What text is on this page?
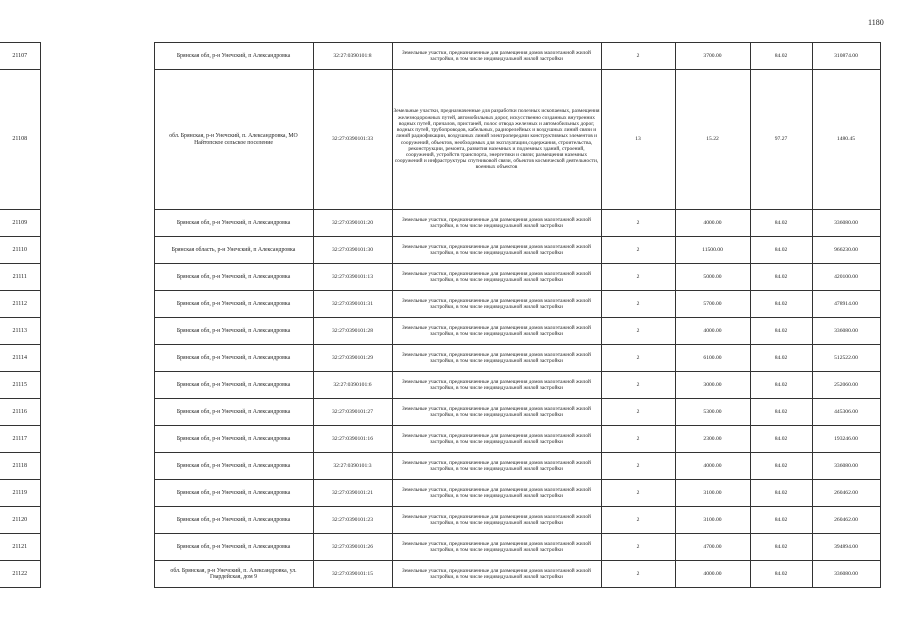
1180
21107		Брянская обл, р-н Унечский, п Александровка	32:27:0390101:8	Земельные участки, предназначенные для размещения домов малоэтажной жилой застройки, в том числе индивидуальной жилой застройки	2	3700.00	84.02	310874.00
21108		обл. Брянская, р-н Унечский, п. Александровка, МО Найтопское сельское поселение	32:27:0390101:33	Земельные участки, предназначенные для разработки полезных ископаемых, размещения железнодорожных путей, автомобильных дорог, искусственно созданных внутренних водных путей, причалов, пристаней, полос отвода железных и автомобильных дорог, водных путей, трубопроводов, кабельных, радиорелейных и воздушных линий связи и линий радиофикации, воздушных линий электропередачи конструктивных элементов и сооружений, объектов, необходимых для эксплуатации,содержания, строительства, реконструкции, ремонта, развития наземных и подземных зданий, строений, сооружений, устройств транспорта, энергетики и связи; размещения наземных сооружений и инфраструктуры спутниковой связи, объектов космической деятельности, военных объектов	13	15.22	97.27	1480.45
21109		Брянская обл, р-н Унечский, п Александровка	32:27:0390101:20	Земельные участки, предназначенные для размещения домов малоэтажной жилой застройки, в том числе индивидуальной жилой застройки	2	4000.00	84.02	336080.00
21110		Брянская область, р-н Унечский, п Александровка	32:27:0390101:30	Земельные участки, предназначенные для размещения домов малоэтажной жилой застройки, в том числе индивидуальной жилой застройки	2	11500.00	84.02	966230.00
21111		Брянская обл, р-н Унечский, п Александровка	32:27:0390101:13	Земельные участки, предназначенные для размещения домов малоэтажной жилой застройки, в том числе индивидуальной жилой застройки	2	5000.00	84.02	420100.00
21112		Брянская обл, р-н Унечский, п Александровка	32:27:0390101:31	Земельные участки, предназначенные для размещения домов малоэтажной жилой застройки, в том числе индивидуальной жилой застройки	2	5700.00	84.02	478914.00
21113		Брянская обл, р-н Унечский, п Александровка	32:27:0390101:28	Земельные участки, предназначенные для размещения домов малоэтажной жилой застройки, в том числе индивидуальной жилой застройки	2	4000.00	84.02	336080.00
21114		Брянская обл, р-н Унечский, п Александровка	32:27:0390101:29	Земельные участки, предназначенные для размещения домов малоэтажной жилой застройки, в том числе индивидуальной жилой застройки	2	6100.00	84.02	512522.00
21115		Брянская обл, р-н Унечский, п Александровка	32:27:0390101:6	Земельные участки, предназначенные для размещения домов малоэтажной жилой застройки, в том числе индивидуальной жилой застройки	2	3000.00	84.02	252060.00
21116		Брянская обл, р-н Унечский, п Александровка	32:27:0390101:27	Земельные участки, предназначенные для размещения домов малоэтажной жилой застройки, в том числе индивидуальной жилой застройки	2	5300.00	84.02	445306.00
21117		Брянская обл, р-н Унечский, п Александровка	32:27:0390101:16	Земельные участки, предназначенные для размещения домов малоэтажной жилой застройки, в том числе индивидуальной жилой застройки	2	2300.00	84.02	193246.00
21118		Брянская обл, р-н Унечский, п Александровка	32:27:0390101:3	Земельные участки, предназначенные для размещения домов малоэтажной жилой застройки, в том числе индивидуальной жилой застройки	2	4000.00	84.02	336080.00
21119		Брянская обл, р-н Унечский, п Александровка	32:27:0390101:21	Земельные участки, предназначенные для размещения домов малоэтажной жилой застройки, в том числе индивидуальной жилой застройки	2	3100.00	84.02	260462.00
21120		Брянская обл, р-н Унечский, п Александровка	32:27:0390101:23	Земельные участки, предназначенные для размещения домов малоэтажной жилой застройки, в том числе индивидуальной жилой застройки	2	3100.00	84.02	260462.00
21121		Брянская обл, р-н Унечский, п Александровка	32:27:0390101:26	Земельные участки, предназначенные для размещения домов малоэтажной жилой застройки, в том числе индивидуальной жилой застройки	2	4700.00	84.02	394894.00
21122		обл. Брянская, р-н Унечский, п. Александровка, ул. Гвардейская, дом 9	32:27:0390101:15	Земельные участки, предназначенные для размещения домов малоэтажной жилой застройки, в том числе индивидуальной жилой застройки	2	4000.00	84.02	336080.00
